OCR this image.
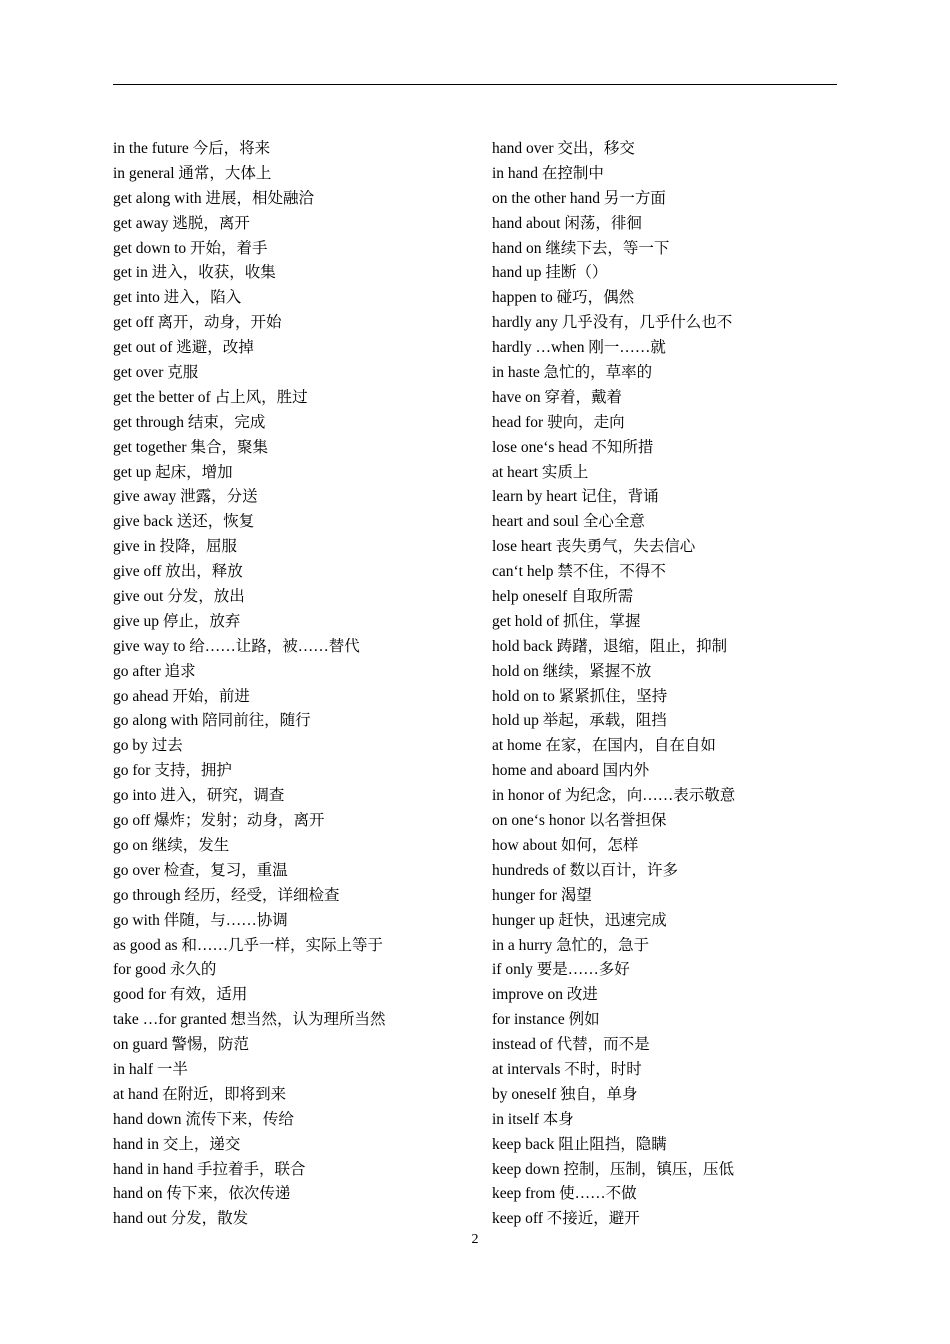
in the future 今后，将来
in general 通常，大体上
get along with 进展，相处融洽
get away 逃脱，离开
get down to 开始，着手
get in 进入，收获，收集
get into 进入，陷入
get off 离开，动身，开始
get out of 逃避，改掉
get over 克服
get the better of 占上风，胜过
get through 结束，完成
get together 集合，聚集
get up 起床，增加
give away 泄露，分送
give back 送还，恢复
give in 投降，屈服
give off 放出，释放
give out 分发，放出
give up 停止，放弃
give way to 给……让路，被……替代
go after 追求
go ahead 开始，前进
go along with 陪同前往，随行
go by 过去
go for 支持，拥护
go into 进入，研究，调查
go off 爆炸；发射；动身，离开
go on 继续，发生
go over 检查，复习，重温
go through 经历，经受，详细检查
go with 伴随，与……协调
as good as 和……几乎一样，实际上等于
for good 永久的
good for 有效，适用
take …for granted 想当然，认为理所当然
on guard 警惕，防范
in half 一半
at hand 在附近，即将到来
hand down 流传下来，传给
hand in 交上，递交
hand in hand 手拉着手，联合
hand on 传下来，依次传递
hand out 分发，散发
hand over 交出，移交
in hand 在控制中
on the other hand 另一方面
hand about 闲荡，徘徊
hand on 继续下去，等一下
hand up 挂断（）
happen to 碰巧，偶然
hardly any 几乎没有，几乎什么也不
hardly …when 刚一……就
in haste 急忙的，草率的
have on 穿着，戴着
head for 驶向，走向
lose one‘s head 不知所措
at heart 实质上
learn by heart 记住，背诵
heart and soul 全心全意
lose heart 丧失勇气，失去信心
can‘t help 禁不住，不得不
help oneself 自取所需
get hold of 抓住，掌握
hold back 踌躇，退缩，阻止，抑制
hold on 继续，紧握不放
hold on to 紧紧抓住，坚持
hold up 举起，承载，阻挡
at home 在家，在国内，自在自如
home and aboard 国内外
in honor of 为纪念，向……表示敬意
on one‘s honor 以名誉担保
how about 如何，怎样
hundreds of 数以百计，许多
hunger for 渴望
hunger up 赶快，迅速完成
in a hurry 急忙的，急于
if only 要是……多好
improve on 改进
for instance 例如
instead of 代替，而不是
at intervals 不时，时时
by oneself 独自，单身
in itself 本身
keep back 阻止阻挡，隐瞒
keep down 控制，压制，镇压，压低
keep from 使……不做
keep off 不接近，避开
2
